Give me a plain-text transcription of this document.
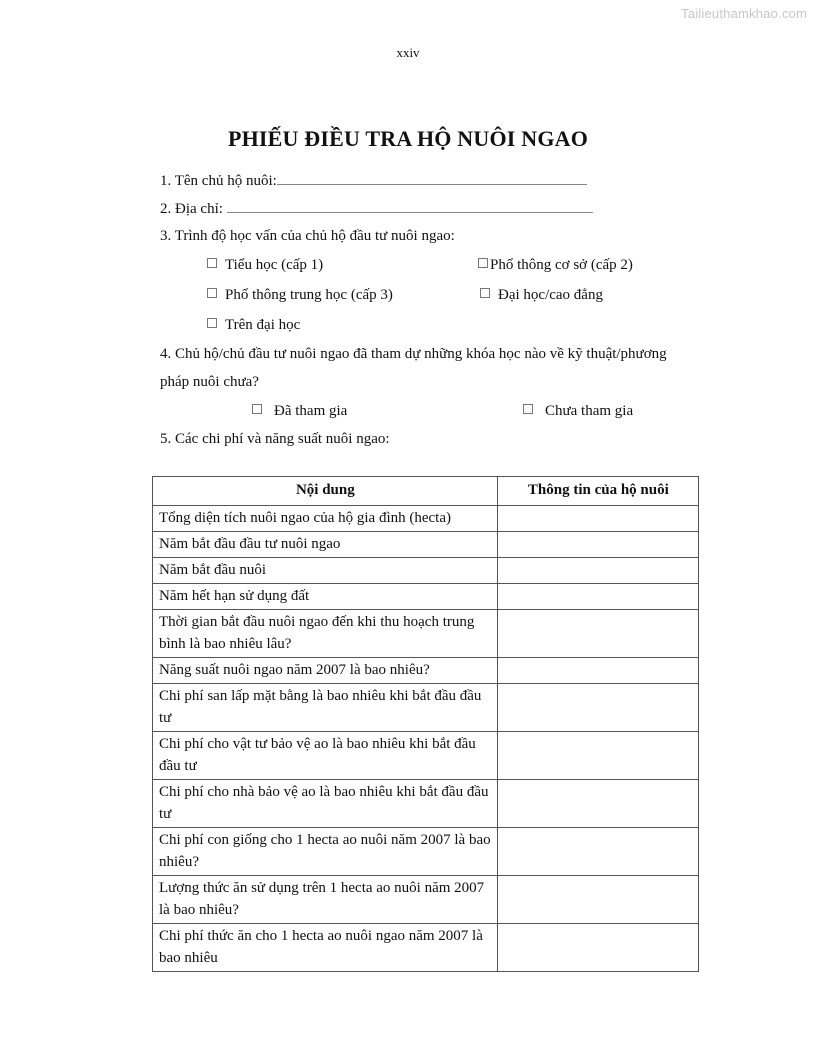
Tailieuthamkhao.com
xxiv
PHIẾU ĐIỀU TRA HỘ NUÔI NGAO
1. Tên chủ hộ nuôi:
2. Địa chỉ:
3. Trình độ học vấn của chủ hộ đầu tư nuôi ngao:
Tiểu học (cấp 1)	Phổ thông cơ sở (cấp 2)
Phổ thông trung học (cấp 3)	Đại học/cao đẳng
Trên đại học
4. Chủ hộ/chủ đầu tư nuôi ngao đã tham dự những khóa học nào về kỹ thuật/phương
pháp nuôi chưa?
Đã tham gia	Chưa tham gia
5. Các chi phí và năng suất nuôi ngao:
Nội dung	Thông tin của hộ nuôi
Tổng diện tích nuôi ngao của hộ gia đình (hecta)	
Năm bắt đầu đầu tư nuôi ngao	
Năm bắt đầu nuôi	
Năm hết hạn sử dụng đất	
Thời gian bắt đầu nuôi ngao đến khi thu hoạch trung bình là bao nhiêu lâu?	
Năng suất nuôi ngao năm 2007 là bao nhiêu?	
Chi phí san lấp mặt bằng là bao nhiêu khi bắt đầu đầu tư	
Chi phí cho vật tư bảo vệ ao là bao nhiêu khi bắt đầu đầu tư	
Chi phí cho nhà bảo vệ ao là bao nhiêu khi bắt đầu đầu tư	
Chi phí con giống cho 1 hecta ao nuôi năm 2007 là bao nhiêu?	
Lượng thức ăn sử dụng trên 1 hecta ao nuôi năm 2007 là bao nhiêu?	
Chi phí thức ăn cho 1 hecta ao nuôi ngao năm 2007 là bao nhiêu	
